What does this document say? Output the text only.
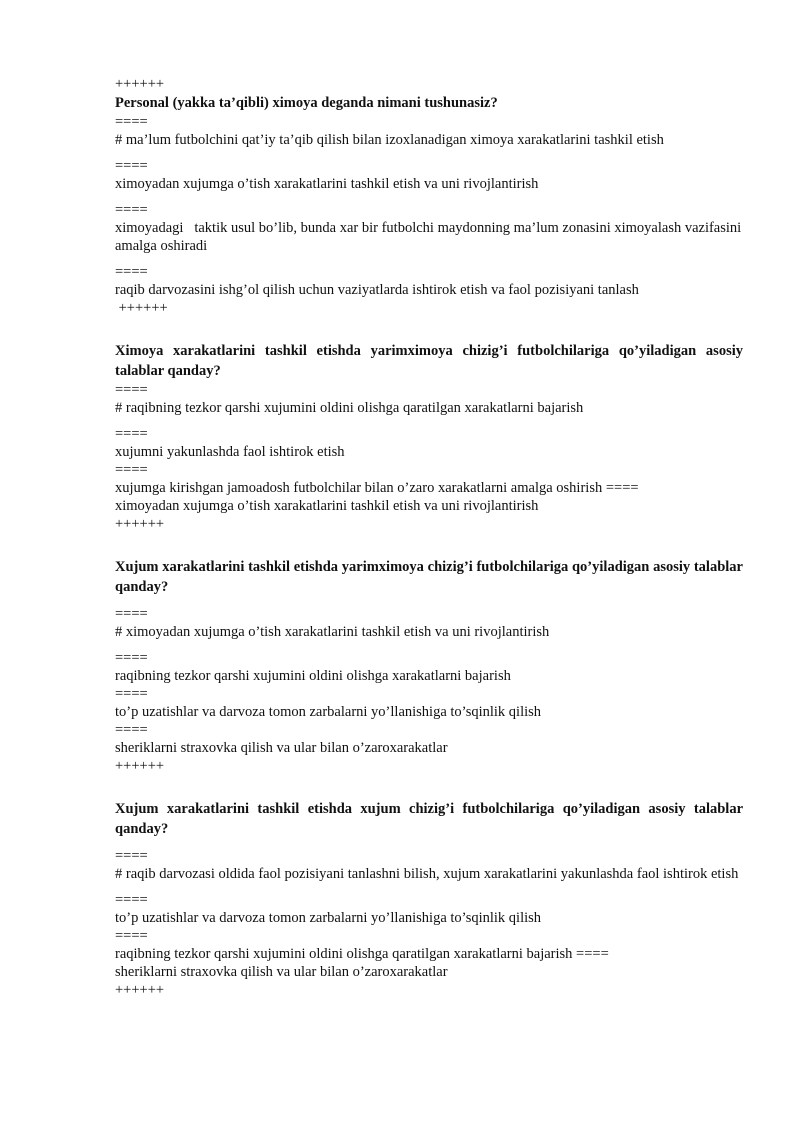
++++++

Personal (yakka ta’qibli) ximoya deganda nimani tushunasiz?

====

# ma’lum futbolchini qat’iy ta’qib qilish bilan izoxlanadigan ximoya xarakatlarini tashkil etish

====

ximoyadan xujumga o’tish xarakatlarini tashkil etish va uni rivojlantirish

====

ximoyadagi   taktik usul bo’lib, bunda xar bir futbolchi maydonning ma’lum zonasini ximoyalash vazifasini amalga oshiradi

====

raqib darvozasini ishg’ol qilish uchun vaziyatlarda ishtirok etish va faol pozisiyani tanlash

++++++

Ximoya xarakatlarini tashkil etishda yarimximoya chizig’i futbolchilariga qo’yiladigan asosiy talablar qanday?

====

# raqibning tezkor qarshi xujumini oldini olishga qaratilgan xarakatlarni bajarish

====

xujumni yakunlashda faol ishtirok etish

====

xujumga kirishgan jamoadosh futbolchilar bilan o’zaro xarakatlarni amalga oshirish ====

ximoyadan xujumga o’tish xarakatlarini tashkil etish va uni rivojlantirish

++++++

Xujum xarakatlarini tashkil etishda yarimximoya chizig’i futbolchilariga qo’yiladigan asosiy talablar qanday?

====

# ximoyadan xujumga o’tish xarakatlarini tashkil etish va uni rivojlantirish

====

raqibning tezkor qarshi xujumini oldini olishga xarakatlarni bajarish

====

to’p uzatishlar va darvoza tomon zarbalarni yo’llanishiga to’sqinlik qilish

====

sheriklarni straxovka qilish va ular bilan o’zaroxarakatlar

++++++

Xujum xarakatlarini tashkil etishda xujum chizig’i futbolchilariga qo’yiladigan asosiy talablar qanday?

====

# raqib darvozasi oldida faol pozisiyani tanlashni bilish, xujum xarakatlarini yakunlashda faol ishtirok etish

====

to’p uzatishlar va darvoza tomon zarbalarni yo’llanishiga to’sqinlik qilish

====

raqibning tezkor qarshi xujumini oldini olishga qaratilgan xarakatlarni bajarish ====

sheriklarni straxovka qilish va ular bilan o’zaroxarakatlar

++++++
